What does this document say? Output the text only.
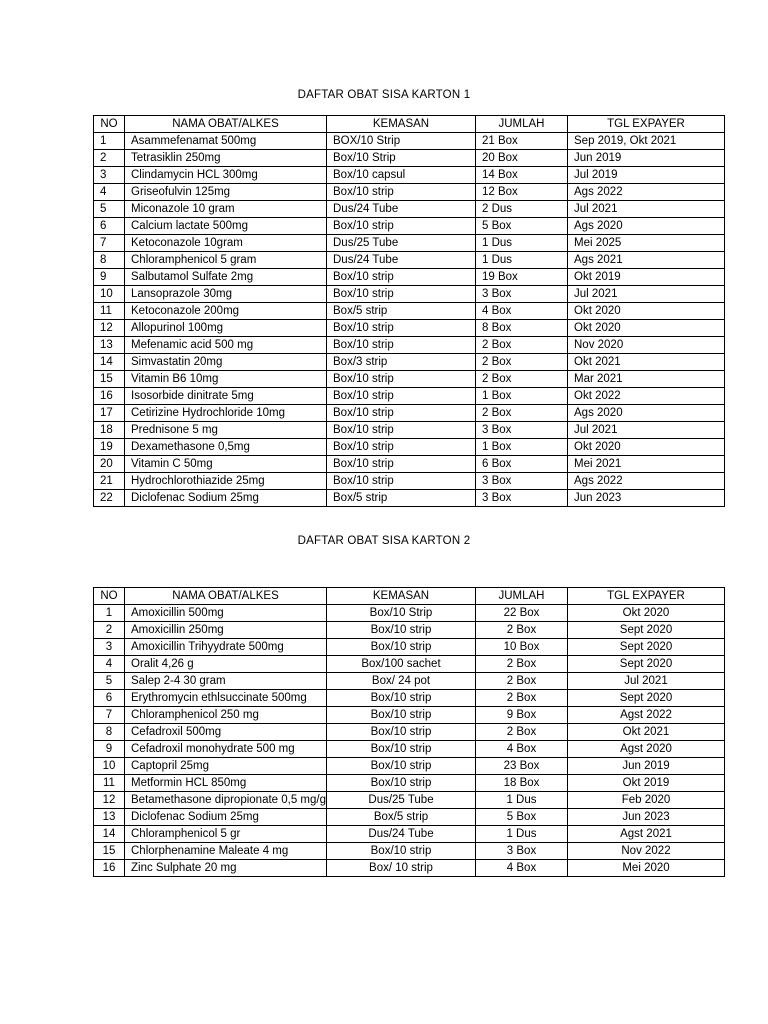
DAFTAR OBAT SISA KARTON 1
NO	NAMA OBAT/ALKES	KEMASAN	JUMLAH	TGL EXPAYER
1	Asammefenamat 500mg	BOX/10 Strip	21 Box	Sep 2019, Okt 2021
2	Tetrasiklin 250mg	Box/10 Strip	20 Box	Jun 2019
3	Clindamycin HCL 300mg	Box/10 capsul	14 Box	Jul 2019
4	Griseofulvin 125mg	Box/10 strip	12 Box	Ags 2022
5	Miconazole 10 gram	Dus/24 Tube	2 Dus	Jul 2021
6	Calcium lactate 500mg	Box/10 strip	5 Box	Ags 2020
7	Ketoconazole 10gram	Dus/25 Tube	1 Dus	Mei 2025
8	Chloramphenicol 5 gram	Dus/24 Tube	1 Dus	Ags 2021
9	Salbutamol Sulfate 2mg	Box/10 strip	19 Box	Okt 2019
10	Lansoprazole 30mg	Box/10 strip	3 Box	Jul 2021
11	Ketoconazole 200mg	Box/5 strip	4 Box	Okt 2020
12	Allopurinol 100mg	Box/10 strip	8 Box	Okt 2020
13	Mefenamic acid 500 mg	Box/10 strip	2 Box	Nov 2020
14	Simvastatin 20mg	Box/3 strip	2 Box	Okt 2021
15	Vitamin B6 10mg	Box/10 strip	2 Box	Mar 2021
16	Isosorbide dinitrate 5mg	Box/10 strip	1 Box	Okt 2022
17	Cetirizine Hydrochloride 10mg	Box/10 strip	2 Box	Ags 2020
18	Prednisone 5 mg	Box/10 strip	3 Box	Jul 2021
19	Dexamethasone 0,5mg	Box/10 strip	1 Box	Okt 2020
20	Vitamin C 50mg	Box/10 strip	6 Box	Mei 2021
21	Hydrochlorothiazide 25mg	Box/10 strip	3 Box	Ags 2022
22	Diclofenac Sodium 25mg	Box/5 strip	3 Box	Jun 2023
DAFTAR OBAT SISA KARTON 2
NO	NAMA OBAT/ALKES	KEMASAN	JUMLAH	TGL EXPAYER
1	Amoxicillin 500mg	Box/10 Strip	22 Box	Okt 2020
2	Amoxicillin 250mg	Box/10 strip	2 Box	Sept 2020
3	Amoxicillin Trihyydrate 500mg	Box/10 strip	10 Box	Sept 2020
4	Oralit 4,26 g	Box/100 sachet	2 Box	Sept 2020
5	Salep 2-4 30 gram	Box/ 24 pot	2 Box	Jul 2021
6	Erythromycin ethlsuccinate 500mg	Box/10 strip	2 Box	Sept 2020
7	Chloramphenicol 250 mg	Box/10 strip	9 Box	Agst 2022
8	Cefadroxil 500mg	Box/10 strip	2 Box	Okt 2021
9	Cefadroxil monohydrate 500 mg	Box/10 strip	4 Box	Agst 2020
10	Captopril 25mg	Box/10 strip	23 Box	Jun 2019
11	Metformin HCL 850mg	Box/10 strip	18 Box	Okt 2019
12	Betamethasone dipropionate 0,5 mg/g	Dus/25 Tube	1 Dus	Feb 2020
13	Diclofenac Sodium 25mg	Box/5 strip	5 Box	Jun 2023
14	Chloramphenicol 5 gr	Dus/24 Tube	1 Dus	Agst 2021
15	Chlorphenamine Maleate 4 mg	Box/10 strip	3 Box	Nov 2022
16	Zinc Sulphate 20 mg	Box/ 10 strip	4 Box	Mei 2020
